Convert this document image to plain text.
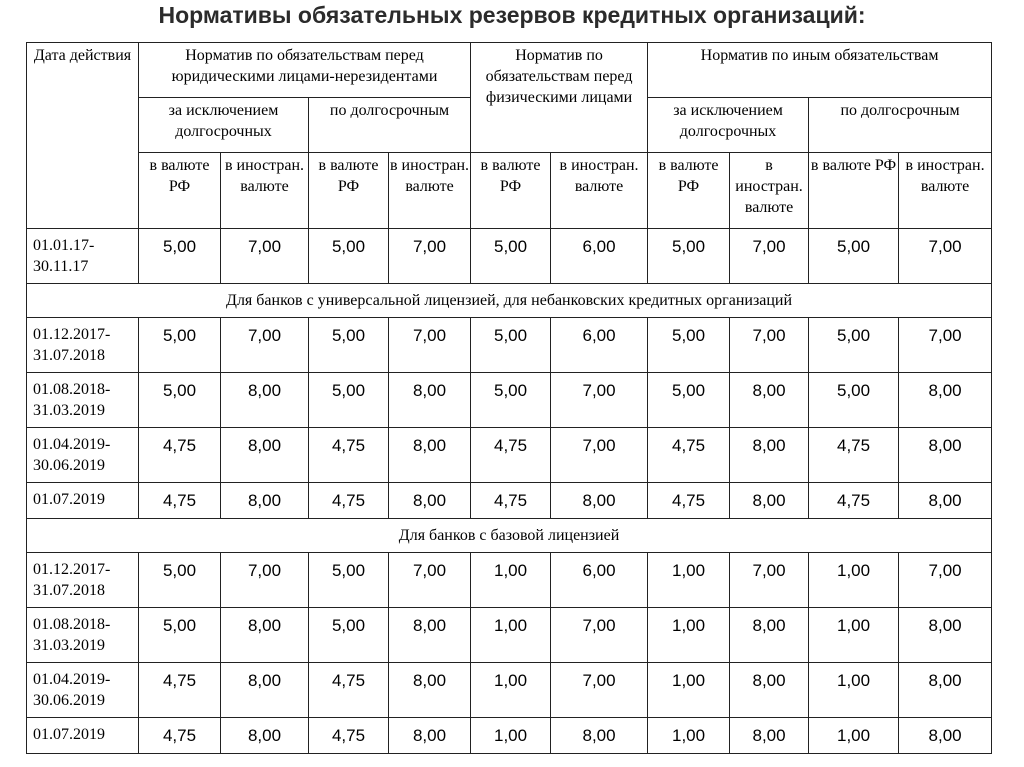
Нормативы обязательных резервов кредитных организаций:
Дата действия	Норматив по обязательствам перед юридическими лицами-нерезидентами				Норматив по обязательствам перед физическими лицами		Норматив по иным обязательствам			
	за исключением долгосрочных		по долгосрочным				за исключением долгосрочных		по долгосрочным	
	в валюте РФ	в иностран. валюте	в валюте РФ	в иностран. валюте	в валюте РФ	в иностран. валюте	в валюте РФ	в иностран. валюте	в валюте РФ	в иностран. валюте
01.01.17-30.11.17	5,00	7,00	5,00	7,00	5,00	6,00	5,00	7,00	5,00	7,00
Для банков с универсальной лицензией, для небанковских кредитных организаций										
01.12.2017-31.07.2018	5,00	7,00	5,00	7,00	5,00	6,00	5,00	7,00	5,00	7,00
01.08.2018-31.03.2019	5,00	8,00	5,00	8,00	5,00	7,00	5,00	8,00	5,00	8,00
01.04.2019-30.06.2019	4,75	8,00	4,75	8,00	4,75	7,00	4,75	8,00	4,75	8,00
01.07.2019	4,75	8,00	4,75	8,00	4,75	8,00	4,75	8,00	4,75	8,00
Для банков с базовой лицензией										
01.12.2017-31.07.2018	5,00	7,00	5,00	7,00	1,00	6,00	1,00	7,00	1,00	7,00
01.08.2018-31.03.2019	5,00	8,00	5,00	8,00	1,00	7,00	1,00	8,00	1,00	8,00
01.04.2019-30.06.2019	4,75	8,00	4,75	8,00	1,00	7,00	1,00	8,00	1,00	8,00
01.07.2019	4,75	8,00	4,75	8,00	1,00	8,00	1,00	8,00	1,00	8,00
